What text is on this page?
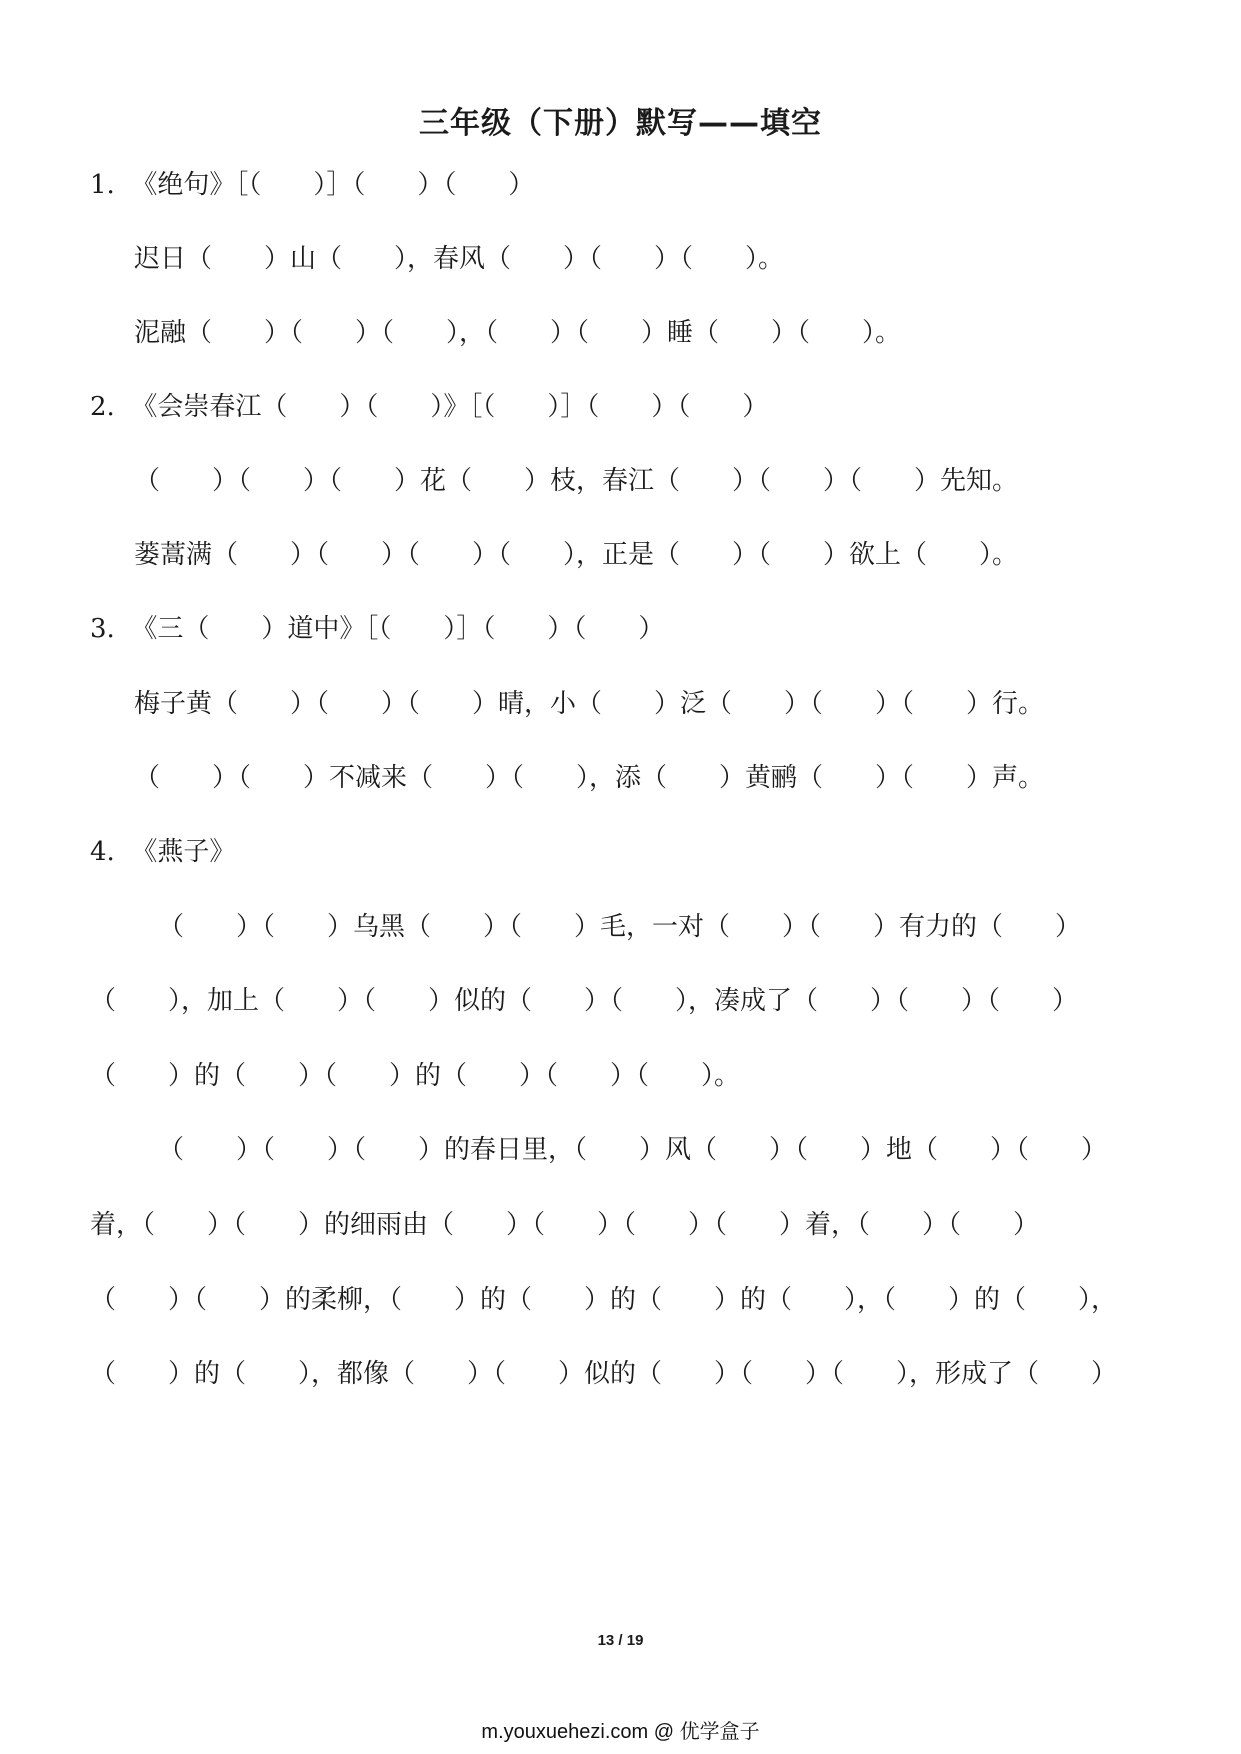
三年级（下册）默写——填空
1.  《绝句》［（　　）］（　　）（　　）
迟日（　　）山（　　），春风（　　）（　　）（　　）。
泥融（　　）（　　）（　　），（　　）（　　）睡（　　）（　　）。
2.  《会崇春江（　　）（　　）》［（　　）］（　　）（　　）
（　　）（　　）（　　）花（　　）枝，春江（　　）（　　）（　　）先知。
蒌蒿满（　　）（　　）（　　）（　　），正是（　　）（　　）欲上（　　）。
3.  《三（　　）道中》［（　　）］（　　）（　　）
梅子黄（　　）（　　）（　　）晴，小（　　）泛（　　）（　　）（　　）行。
（　　）（　　）不减来（　　）（　　），添（　　）黄鹂（　　）（　　）声。
4.  《燕子》
（　　）（　　）乌黑（　　）（　　）毛，一对（　　）（　　）有力的（　　）
（　　），加上（　　）（　　）似的（　　）（　　），凑成了（　　）（　　）（　　）
（　　）的（　　）（　　）的（　　）（　　）（　　）。
（　　）（　　）（　　）的春日里，（　　）风（　　）（　　）地（　　）（　　）
着，（　　）（　　）的细雨由（　　）（　　）（　　）（　　）着，（　　）（　　）
（　　）（　　）的柔柳，（　　）的（　　）的（　　）的（　　），（　　）的（　　），
（　　）的（　　），都像（　　）（　　）似的（　　）（　　）（　　），形成了（　　）
13 / 19
m.youxuehezi.com @ 优学盒子
